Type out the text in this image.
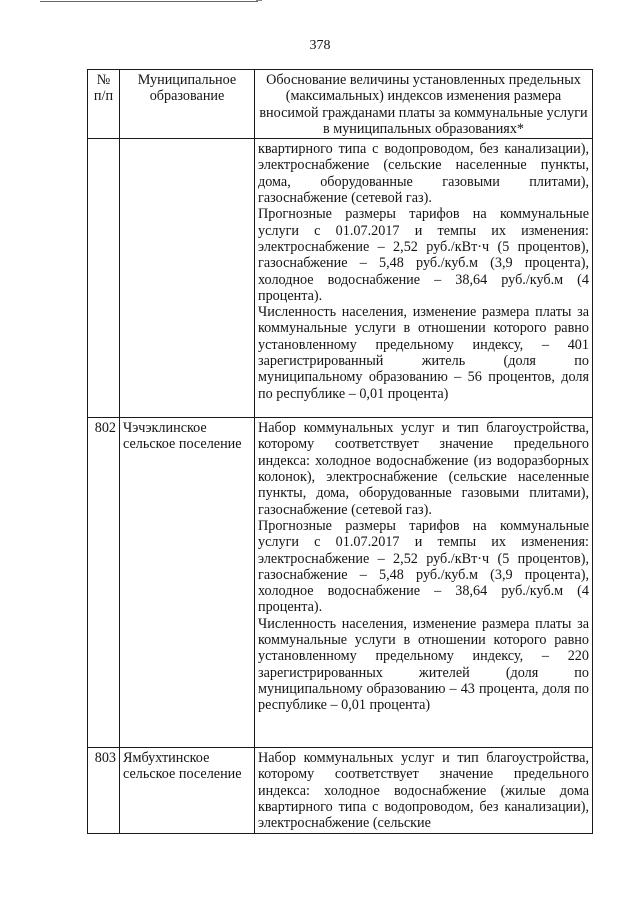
378
№ п/п	Муниципальное образование	Обоснование величины установленных предельных (максимальных) индексов изменения размера вносимой гражданами платы за коммунальные услуги в муниципальных образованиях*

		квартирного типа с водопроводом, без канализации), электроснабжение (сельские населенные пункты, дома, оборудованные газовыми плитами), газоснабжение (сетевой газ).
Прогнозные размеры тарифов на коммунальные услуги с 01.07.2017 и темпы их изменения: электроснабжение – 2,52 руб./кВт·ч (5 процентов), газоснабжение – 5,48 руб./куб.м (3,9 процента), холодное водоснабжение – 38,64 руб./куб.м (4 процента).
Численность населения, изменение размера платы за коммунальные услуги в отношении которого равно установленному предельному индексу, – 401 зарегистрированный житель (доля по муниципальному образованию – 56 процентов, доля по республике – 0,01 процента)

802	Чэчэклинское сельское поселение	Набор коммунальных услуг и тип благоустройства, которому соответствует значение предельного индекса: холодное водоснабжение (из водоразборных колонок), электроснабжение (сельские населенные пункты, дома, оборудованные газовыми плитами), газоснабжение (сетевой газ).
Прогнозные размеры тарифов на коммунальные услуги с 01.07.2017 и темпы их изменения: электроснабжение – 2,52 руб./кВт·ч (5 процентов), газоснабжение – 5,48 руб./куб.м (3,9 процента), холодное водоснабжение – 38,64 руб./куб.м (4 процента).
Численность населения, изменение размера платы за коммунальные услуги в отношении которого равно установленному предельному индексу, – 220 зарегистрированных жителей (доля по муниципальному образованию – 43 процента, доля по республике – 0,01 процента)

803	Ямбухтинское сельское поселение	Набор коммунальных услуг и тип благоустройства, которому соответствует значение предельного индекса: холодное водоснабжение (жилые дома квартирного типа с водопроводом, без канализации), электроснабжение (сельские
